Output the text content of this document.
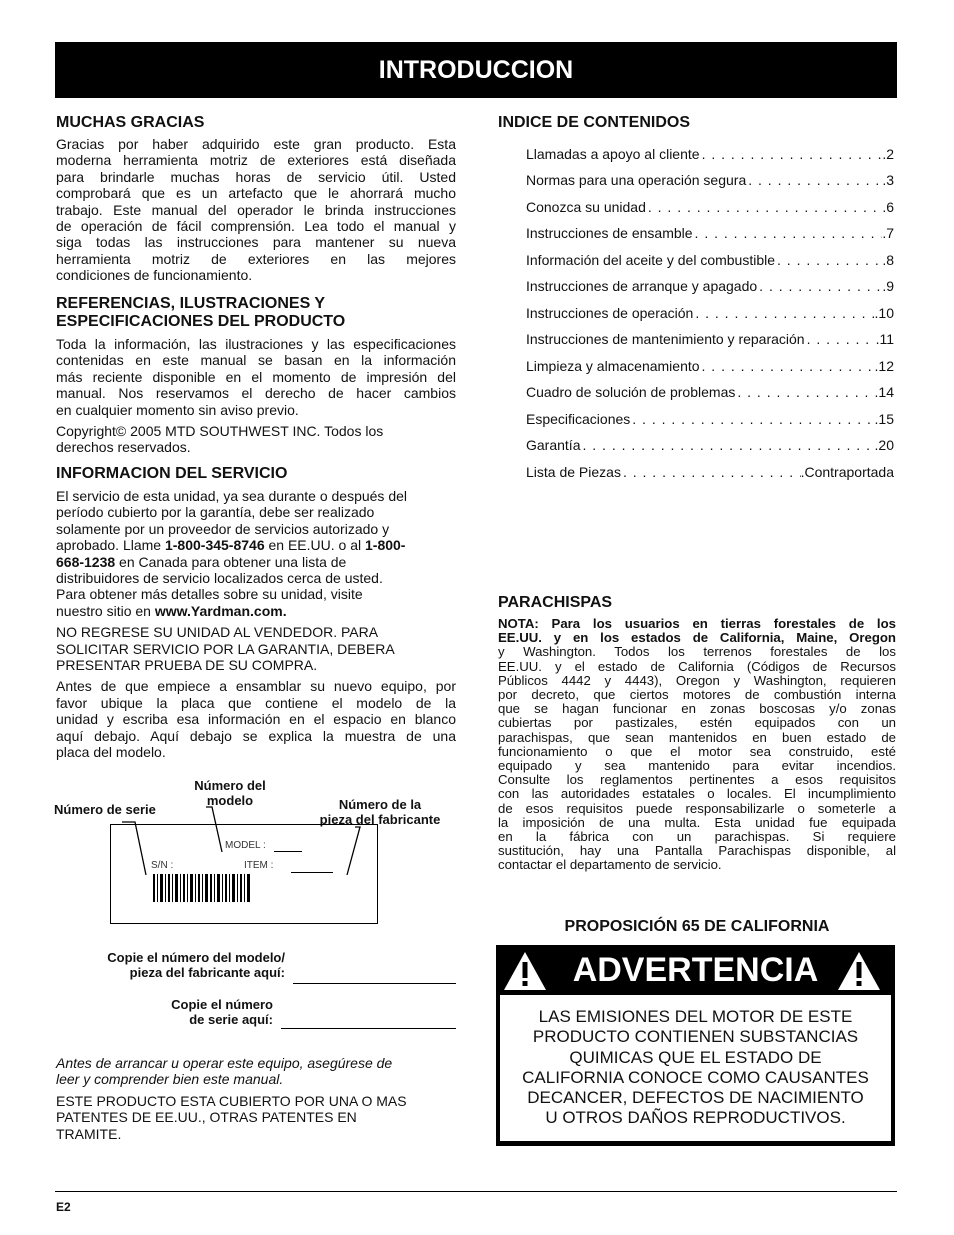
INTRODUCCION
MUCHAS GRACIAS

Gracias por haber adquirido este gran producto. Esta

moderna herramienta motriz de exteriores está diseñada

para brindarle muchas horas de servicio útil. Usted

comprobará que es un artefacto que le ahorrará mucho

trabajo. Este manual del operador le brinda instrucciones

de operación de fácil comprensión. Lea todo el manual y

siga todas las instrucciones para mantener su nueva

herramienta motriz de exteriores en las mejores

condiciones de funcionamiento.

REFERENCIAS, ILUSTRACIONES Y
ESPECIFICACIONES DEL PRODUCTO

Toda la información, las ilustraciones y las especificaciones

contenidas en este manual se basan en la información

más reciente disponible en el momento de impresión del

manual. Nos reservamos el derecho de hacer cambios

en cualquier momento sin aviso previo.

Copyright© 2005 MTD SOUTHWEST INC. Todos los

derechos reservados.

INFORMACION DEL SERVICIO

El servicio de esta unidad, ya sea durante o después del

período cubierto por la garantía, debe ser realizado

solamente por un proveedor de servicios autorizado y

aprobado. Llame 1-800-345-8746 en EE.UU. o al 1-800-

668-1238 en Canada para obtener una lista de

distribuidores de servicio localizados cerca de usted.

Para obtener más detalles sobre su unidad, visite

nuestro sitio en www.Yardman.com.

NO REGRESE SU UNIDAD AL VENDEDOR. PARA

SOLICITAR SERVICIO POR LA GARANTIA, DEBERA

PRESENTAR PRUEBA DE SU COMPRA.

Antes de que empiece a ensamblar su nuevo equipo, por

favor ubique la placa que contiene el modelo de la

unidad y escriba esa información en el espacio en blanco

aquí debajo. Aquí debajo se explica la muestra de una

placa del modelo.

Número del
modelo
Número de serie	Número de la
pieza del fabricante
MODEL :
S/N :	ITEM :
Copie el número del modelo/
pieza del fabricante aquí:
Copie el número
de serie aquí:

Antes de arrancar u operar este equipo, asegúrese de

leer y comprender bien este manual.

ESTE PRODUCTO ESTA CUBIERTO POR UNA O MAS

PATENTES DE EE.UU., OTRAS PATENTES EN

TRAMITE.

INDICE DE CONTENIDOS
Llamadas a apoyo al cliente . . .	.2
Normas para una operación segura . . .	.3
Conozca su unidad . . .	.6
Instrucciones de ensamble . . .	.7
Información del aceite y del combustible . . .	.8
Instrucciones de arranque y apagado . . .	.9
Instrucciones de operación . . .	.10
Instrucciones de mantenimiento y reparación . . .	.11
Limpieza y almacenamiento . . .	.12
Cuadro de solución de problemas . . .	.14
Especificaciones . . .	.15
Garantía . . .	.20
Lista de Piezas . . .	.Contraportada
PARACHISPAS

NOTA: Para los usuarios en tierras forestales de los

EE.UU. y en los estados de California, Maine, Oregon

y Washington. Todos los terrenos forestales de los

EE.UU. y el estado de California (Códigos de Recursos

Públicos 4442 y 4443), Oregon y Washington, requieren

por decreto, que ciertos motores de combustión interna

que se hagan funcionar en zonas boscosas y/o zonas

cubiertas por pastizales, estén equipados con un

parachispas, que sean mantenidos en buen estado de

funcionamiento o que el motor sea construido, esté

equipado y sea mantenido para evitar incendios.

Consulte los reglamentos pertinentes a esos requisitos

con las autoridades estatales o locales. El incumplimiento

de esos requisitos puede responsabilizarle o someterle a

la imposición de una multa. Esta unidad fue equipada

en la fábrica con un parachispas. Si requiere

sustitución, hay una Pantalla Parachispas disponible, al

contactar el departamento de servicio.

PROPOSICIÓN 65 DE CALIFORNIA
ADVERTENCIA
LAS EMISIONES DEL MOTOR DE ESTE
PRODUCTO CONTIENEN SUBSTANCIAS
QUIMICAS QUE EL ESTADO DE
CALIFORNIA CONOCE COMO CAUSANTES
DECANCER, DEFECTOS DE NACIMIENTO
U OTROS DAÑOS REPRODUCTIVOS.
E2
